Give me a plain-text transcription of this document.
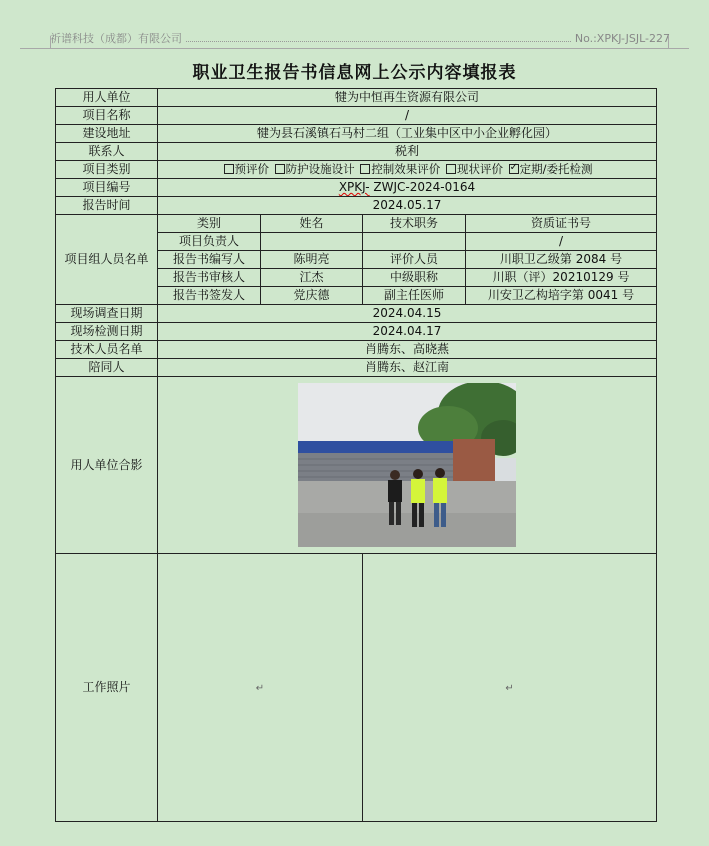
祈谱科技（成都）有限公司	No.:XPKJ-JSJL-227
职业卫生报告书信息网上公示内容填报表
用人单位	犍为中恒再生资源有限公司			
项目名称	/			
建设地址	犍为县石溪镇石马村二组（工业集中区中小企业孵化园）			
联系人	税利			
项目类别	预评价 防护设施设计 控制效果评价 现状评价 ✓ 定期/委托检测
项目编号	XPKJ- ZWJC-2024-0164			
报告时间	2024.05.17			
项目组人员名单	类别	姓名	技术职务	资质证书号
	项目负责人			/
	报告书编写人	陈明亮	评价人员	川职卫乙级第 2084 号
	报告书审核人	江杰	中级职称	川职（评）20210129 号
	报告书签发人	党庆德	副主任医师	川安卫乙构培字第 0041 号
现场调查日期	2024.04.15			
现场检测日期	2024.04.17			
技术人员名单	肖腾东、高晓燕			
陪同人	肖腾东、赵江南			
用人单位合影	

工作照片	↵		↵	
